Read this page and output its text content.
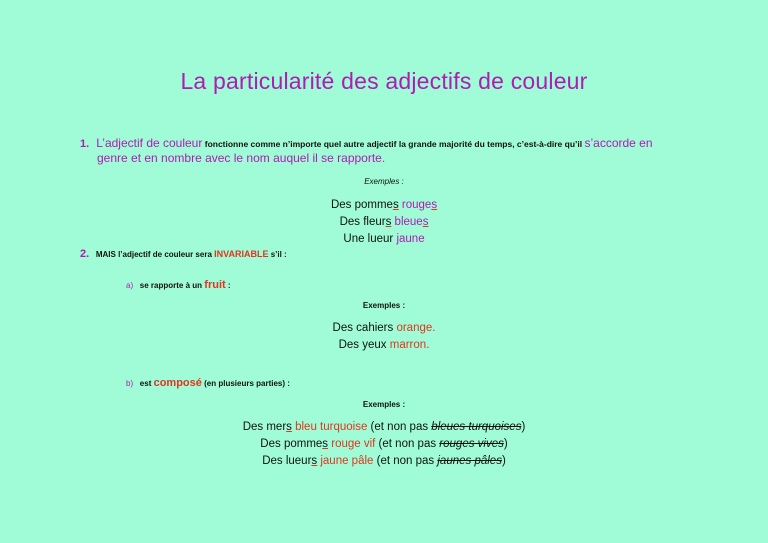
La particularité des adjectifs de couleur
1. L’adjectif de couleur fonctionne comme n’importe quel autre adjectif la grande majorité du temps, c’est-à-dire qu’il s’accorde en
genre et en nombre avec le nom auquel il se rapporte.
Exemples :
Des pommes rouges
Des fleurs bleues
Une lueur jaune
2. MAIS l’adjectif de couleur sera INVARIABLE s’il :
a) se rapporte à un fruit :
Exemples :
Des cahiers orange.
Des yeux marron.
b) est composé (en plusieurs parties) :
Exemples :
Des mers bleu turquoise (et non pas bleues turquoises)
Des pommes rouge vif (et non pas rouges vives)
Des lueurs jaune pâle (et non pas jaunes pâles)
